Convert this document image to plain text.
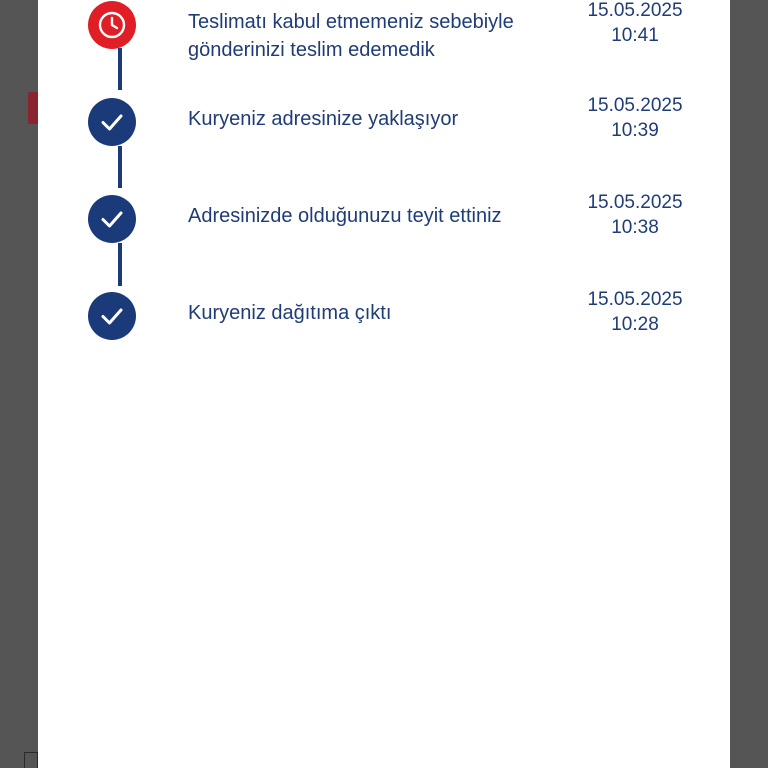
Teslimatı kabul etmemeniz sebebiyle gönderinizi teslim edemedik
15.05.2025
10:41
Kuryeniz adresinize yaklaşıyor
15.05.2025
10:39
Adresinizde olduğunuzu teyit ettiniz
15.05.2025
10:38
Kuryeniz dağıtıma çıktı
15.05.2025
10:28
